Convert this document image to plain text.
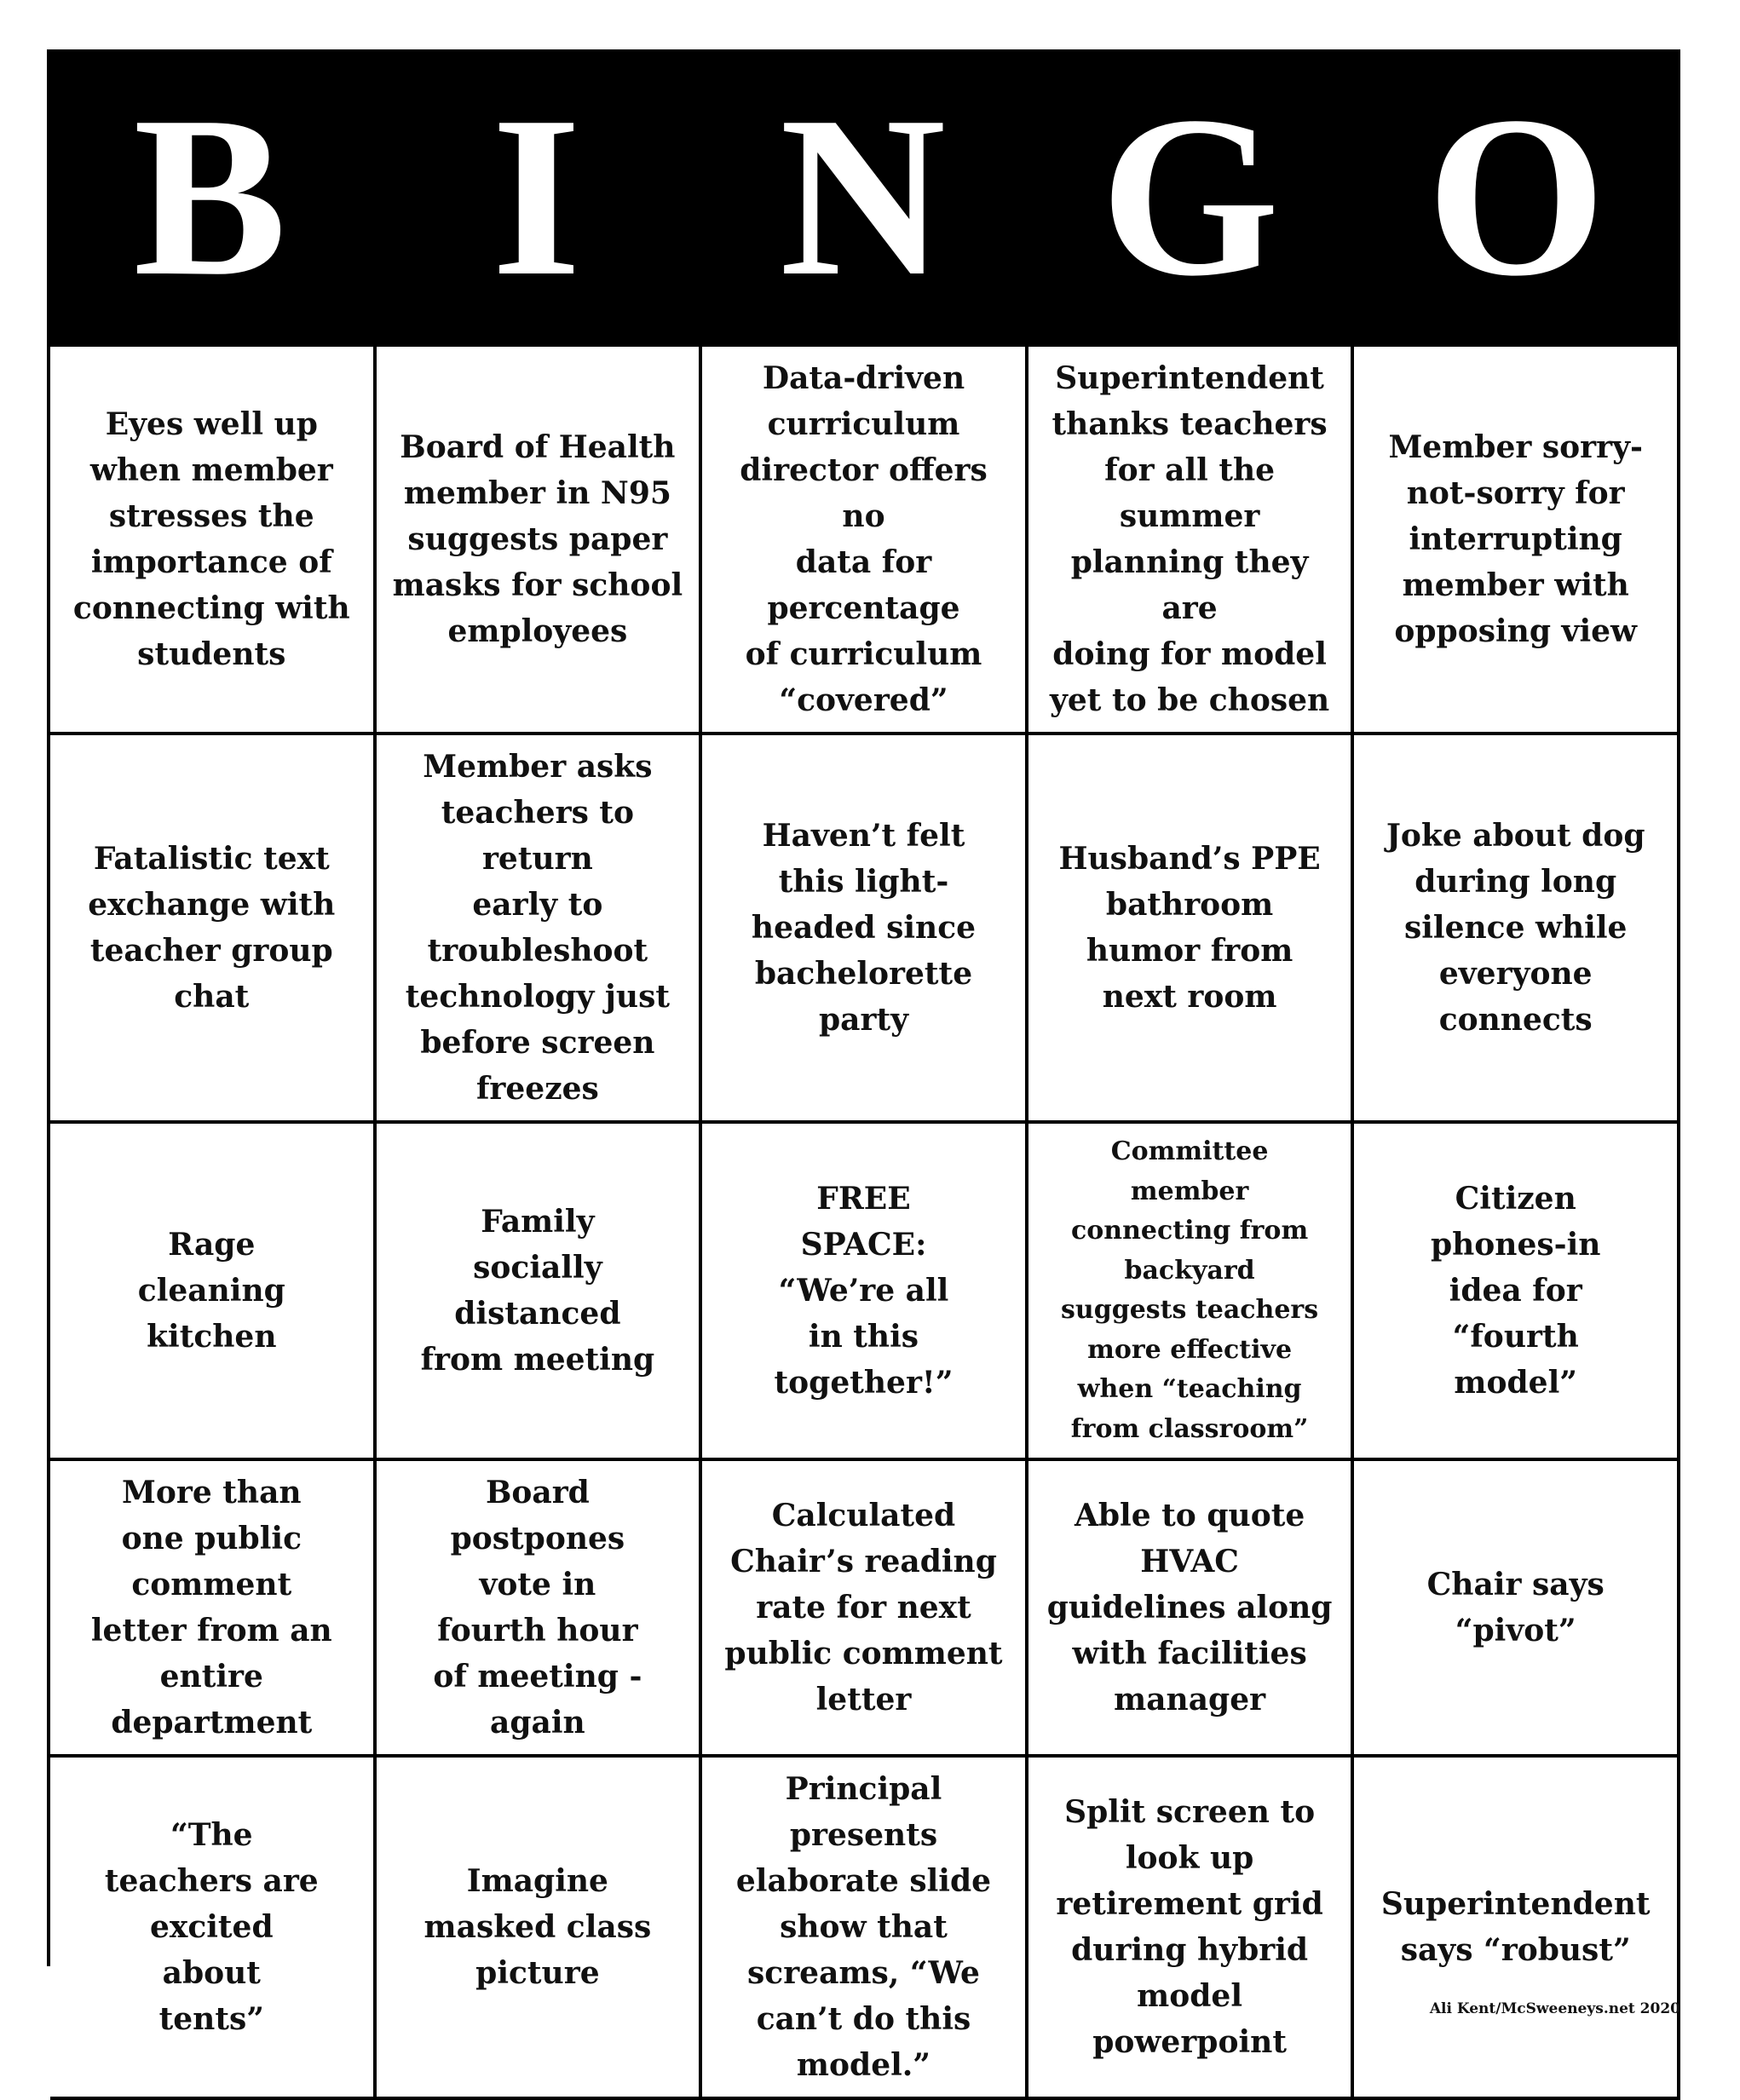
B I N G O
Eyes well up
when member
stresses the
importance of
connecting with
students
Board of Health
member in N95
suggests paper
masks for school
employees
Data-driven
curriculum
director offers no
data for percentage
of curriculum
“covered”
Superintendent
thanks teachers
for all the summer
planning they are
doing for model
yet to be chosen
Member sorry-
not-sorry for
interrupting
member with
opposing view
Fatalistic text
exchange with
teacher group
chat
Member asks
teachers to return
early to
troubleshoot
technology just
before screen
freezes
Haven’t felt
this light-
headed since
bachelorette
party
Husband’s PPE
bathroom
humor from
next room
Joke about dog
during long
silence while
everyone
connects
Rage
cleaning
kitchen
Family
socially
distanced
from meeting
FREE
SPACE:
“We’re all
in this
together!”
Committee
member
connecting from
backyard
suggests teachers
more effective
when “teaching
from classroom”
Citizen
phones-in
idea for
“fourth
model”
More than
one public
comment
letter from an
entire
department
Board
postpones
vote in
fourth hour
of meeting -
again
Calculated
Chair’s reading
rate for next
public comment
letter
Able to quote
HVAC
guidelines along
with facilities
manager
Chair says
“pivot”
“The
teachers are
excited
about
tents”
Imagine
masked class
picture
Principal
presents
elaborate slide
show that
screams, “We
can’t do this
model.”
Split screen to
look up
retirement grid
during hybrid
model
powerpoint
Superintendent
says “robust”
Ali Kent/McSweeneys.net 2020
